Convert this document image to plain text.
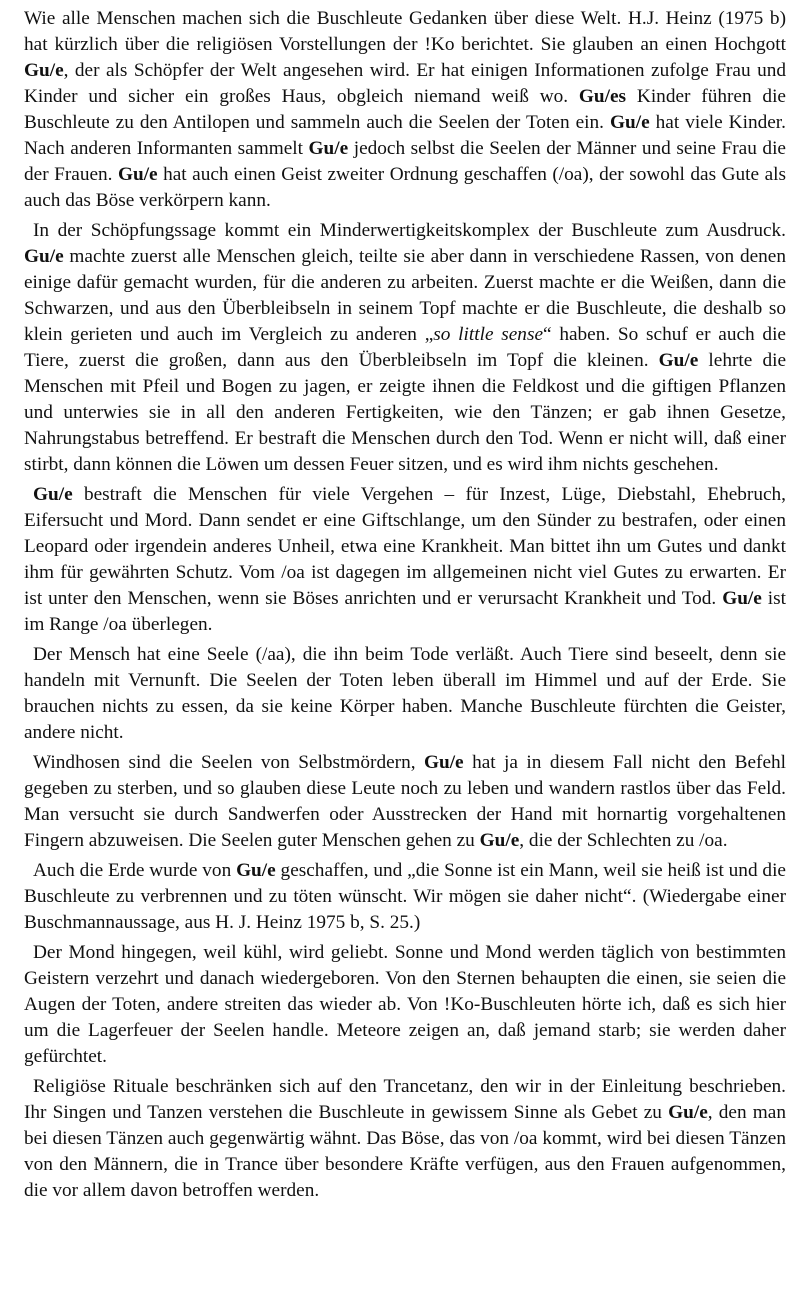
Wie alle Menschen machen sich die Buschleute Gedanken über diese Welt. H.J. Heinz (1975 b) hat kürzlich über die religiösen Vorstellungen der !Ko berichtet. Sie glauben an einen Hochgott Gu/e, der als Schöpfer der Welt angesehen wird. Er hat einigen Informationen zufolge Frau und Kinder und sicher ein großes Haus, obgleich niemand weiß wo. Gu/es Kinder führen die Buschleute zu den Antilopen und sammeln auch die Seelen der Toten ein. Gu/e hat viele Kinder. Nach anderen Informanten sammelt Gu/e jedoch selbst die Seelen der Männer und seine Frau die der Frauen. Gu/e hat auch einen Geist zweiter Ordnung geschaffen (/oa), der sowohl das Gute als auch das Böse verkörpern kann.

In der Schöpfungssage kommt ein Minderwertigkeitskomplex der Buschleute zum Ausdruck. Gu/e machte zuerst alle Menschen gleich, teilte sie aber dann in verschiedene Rassen, von denen einige dafür gemacht wurden, für die anderen zu arbeiten. Zuerst machte er die Weißen, dann die Schwarzen, und aus den Überbleibseln in seinem Topf machte er die Buschleute, die deshalb so klein gerieten und auch im Vergleich zu anderen „so little sense“ haben. So schuf er auch die Tiere, zuerst die großen, dann aus den Überbleibseln im Topf die kleinen. Gu/e lehrte die Menschen mit Pfeil und Bogen zu jagen, er zeigte ihnen die Feldkost und die giftigen Pflanzen und unterwies sie in all den anderen Fertigkeiten, wie den Tänzen; er gab ihnen Gesetze, Nahrungstabus betreffend. Er bestraft die Menschen durch den Tod. Wenn er nicht will, daß einer stirbt, dann können die Löwen um dessen Feuer sitzen, und es wird ihm nichts geschehen.

Gu/e bestraft die Menschen für viele Vergehen – für Inzest, Lüge, Diebstahl, Ehebruch, Eifersucht und Mord. Dann sendet er eine Giftschlange, um den Sünder zu bestrafen, oder einen Leopard oder irgendein anderes Unheil, etwa eine Krankheit. Man bittet ihn um Gutes und dankt ihm für gewährten Schutz. Vom /oa ist dagegen im allgemeinen nicht viel Gutes zu erwarten. Er ist unter den Menschen, wenn sie Böses anrichten und er verursacht Krankheit und Tod. Gu/e ist im Range /oa überlegen.

Der Mensch hat eine Seele (/aa), die ihn beim Tode verläßt. Auch Tiere sind beseelt, denn sie handeln mit Vernunft. Die Seelen der Toten leben überall im Himmel und auf der Erde. Sie brauchen nichts zu essen, da sie keine Körper haben. Manche Buschleute fürchten die Geister, andere nicht.

Windhosen sind die Seelen von Selbstmördern, Gu/e hat ja in diesem Fall nicht den Befehl gegeben zu sterben, und so glauben diese Leute noch zu leben und wandern rastlos über das Feld. Man versucht sie durch Sandwerfen oder Ausstrecken der Hand mit hornartig vorgehaltenen Fingern abzuweisen. Die Seelen guter Menschen gehen zu Gu/e, die der Schlechten zu /oa.

Auch die Erde wurde von Gu/e geschaffen, und „die Sonne ist ein Mann, weil sie heiß ist und die Buschleute zu verbrennen und zu töten wünscht. Wir mögen sie daher nicht“. (Wiedergabe einer Buschmannaussage, aus H. J. Heinz 1975 b, S. 25.)

Der Mond hingegen, weil kühl, wird geliebt. Sonne und Mond werden täglich von bestimmten Geistern verzehrt und danach wiedergeboren. Von den Sternen behaupten die einen, sie seien die Augen der Toten, andere streiten das wieder ab. Von !Ko-Buschleuten hörte ich, daß es sich hier um die Lagerfeuer der Seelen handle. Meteore zeigen an, daß jemand starb; sie werden daher gefürchtet.

Religiöse Rituale beschränken sich auf den Trancetanz, den wir in der Einleitung beschrieben. Ihr Singen und Tanzen verstehen die Buschleute in gewissem Sinne als Gebet zu Gu/e, den man bei diesen Tänzen auch gegenwärtig wähnt. Das Böse, das von /oa kommt, wird bei diesen Tänzen von den Männern, die in Trance über besondere Kräfte verfügen, aus den Frauen aufgenommen, die vor allem davon betroffen werden.
